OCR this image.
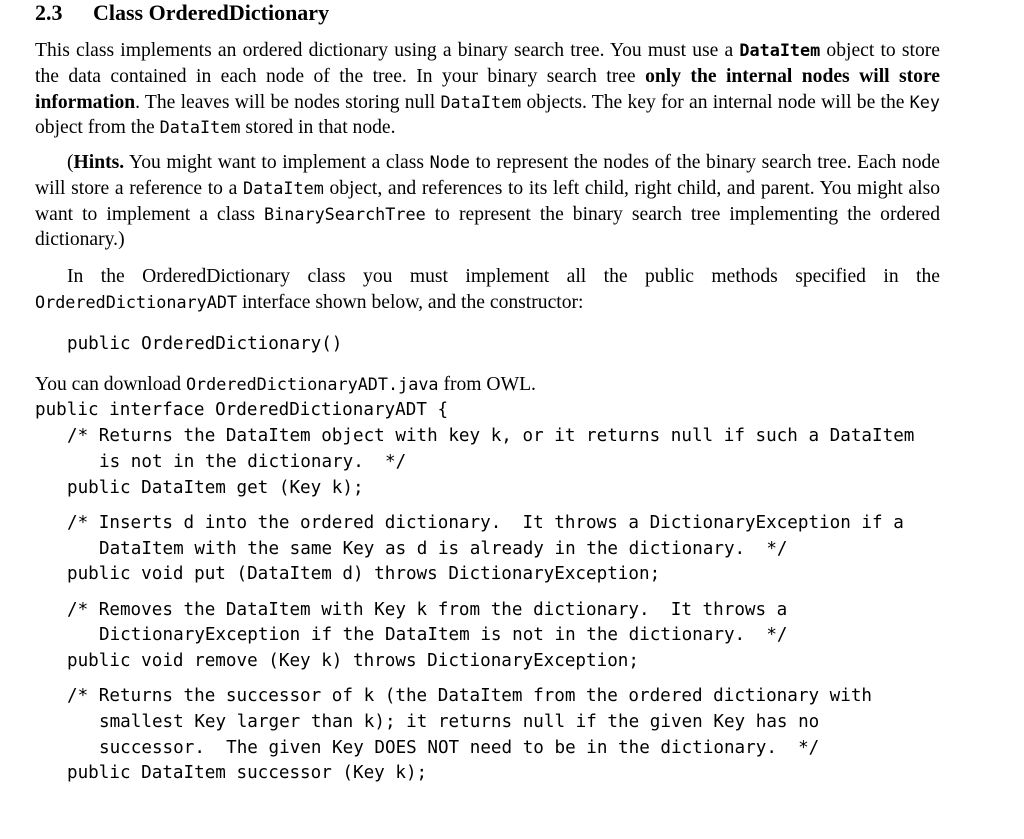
2.3 Class OrderedDictionary
This class implements an ordered dictionary using a binary search tree. You must use a DataItem object to store the data contained in each node of the tree. In your binary search tree only the internal nodes will store information. The leaves will be nodes storing null DataItem objects. The key for an internal node will be the Key object from the DataItem stored in that node.
(Hints. You might want to implement a class Node to represent the nodes of the binary search tree. Each node will store a reference to a DataItem object, and references to its left child, right child, and parent. You might also want to implement a class BinarySearchTree to represent the binary search tree implementing the ordered dictionary.)
In the OrderedDictionary class you must implement all the public methods specified in the OrderedDictionaryADT interface shown below, and the constructor:
public OrderedDictionary()
You can download OrderedDictionaryADT.java from OWL.
public interface OrderedDictionaryADT {
/* Returns the DataItem object with key k, or it returns null if such a DataItem
is not in the dictionary.  */
public DataItem get (Key k);
/* Inserts d into the ordered dictionary.  It throws a DictionaryException if a
DataItem with the same Key as d is already in the dictionary.  */
public void put (DataItem d) throws DictionaryException;
/* Removes the DataItem with Key k from the dictionary.  It throws a
DictionaryException if the DataItem is not in the dictionary.  */
public void remove (Key k) throws DictionaryException;
/* Returns the successor of k (the DataItem from the ordered dictionary with
smallest Key larger than k); it returns null if the given Key has no
successor.  The given Key DOES NOT need to be in the dictionary.  */
public DataItem successor (Key k);
